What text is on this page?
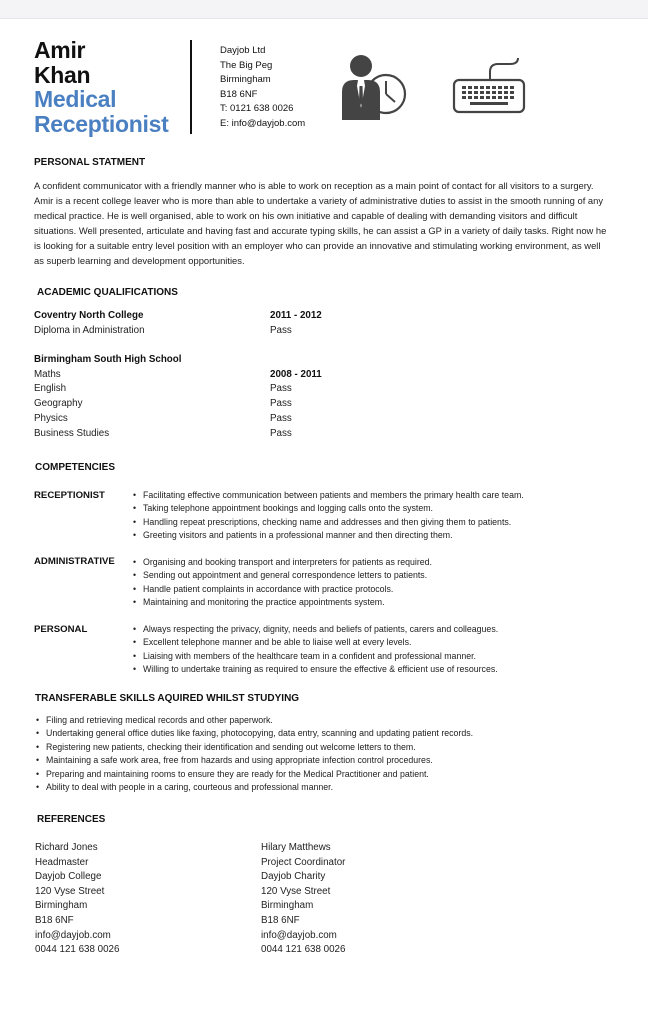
Amir
Khan
Medical
Receptionist
Dayjob Ltd
The Big Peg
Birmingham
B18 6NF
T: 0121 638 0026
E: info@dayjob.com
PERSONAL STATMENT
A confident communicator with a friendly manner who is able to work on reception as a main point of contact for all visitors to a surgery. Amir is a recent college leaver who is more than able to undertake a variety of administrative duties to assist in the smooth running of any medical practice. He is well organised, able to work on his own initiative and capable of dealing with demanding visitors and difficult situations. Well presented, articulate and having fast and accurate typing skills, he can assist a GP in a variety of daily tasks. Right now he is looking for a suitable entry level position with an employer who can provide an innovative and stimulating working environment, as well as superb learning and development opportunities.
ACADEMIC QUALIFICATIONS
Coventry North College	2011 - 2012
Diploma in Administration	Pass
Birmingham South High School
Maths	2008 - 2011
English	Pass
Geography	Pass
Physics	Pass
Business Studies	Pass
COMPETENCIES
RECEPTIONIST	• Facilitating effective communication between patients and members the primary health care team.
• Taking telephone appointment bookings and logging calls onto the system.
• Handling repeat prescriptions, checking name and addresses and then giving them to patients.
• Greeting visitors and patients in a professional manner and then directing them.
ADMINISTRATIVE	• Organising and booking transport and interpreters for patients as required.
• Sending out appointment and general correspondence letters to patients.
• Handle patient complaints in accordance with practice protocols.
• Maintaining and monitoring the practice appointments system.
PERSONAL	• Always respecting the privacy, dignity, needs and beliefs of patients, carers and colleagues.
• Excellent telephone manner and be able to liaise well at every levels.
• Liaising with members of the healthcare team in a confident and professional manner.
• Willing to undertake training as required to ensure the effective & efficient use of resources.
TRANSFERABLE SKILLS AQUIRED WHILST STUDYING
• Filing and retrieving medical records and other paperwork.
• Undertaking general office duties like faxing, photocopying, data entry, scanning and updating patient records.
• Registering new patients, checking their identification and sending out welcome letters to them.
• Maintaining a safe work area, free from hazards and using appropriate infection control procedures.
• Preparing and maintaining rooms to ensure they are ready for the Medical Practitioner and patient.
• Ability to deal with people in a caring, courteous and professional manner.
REFERENCES
Richard Jones
Headmaster
Dayjob College
120 Vyse Street
Birmingham
B18 6NF
info@dayjob.com
0044 121 638 0026
Hilary Matthews
Project Coordinator
Dayjob Charity
120 Vyse Street
Birmingham
B18 6NF
info@dayjob.com
0044 121 638 0026
